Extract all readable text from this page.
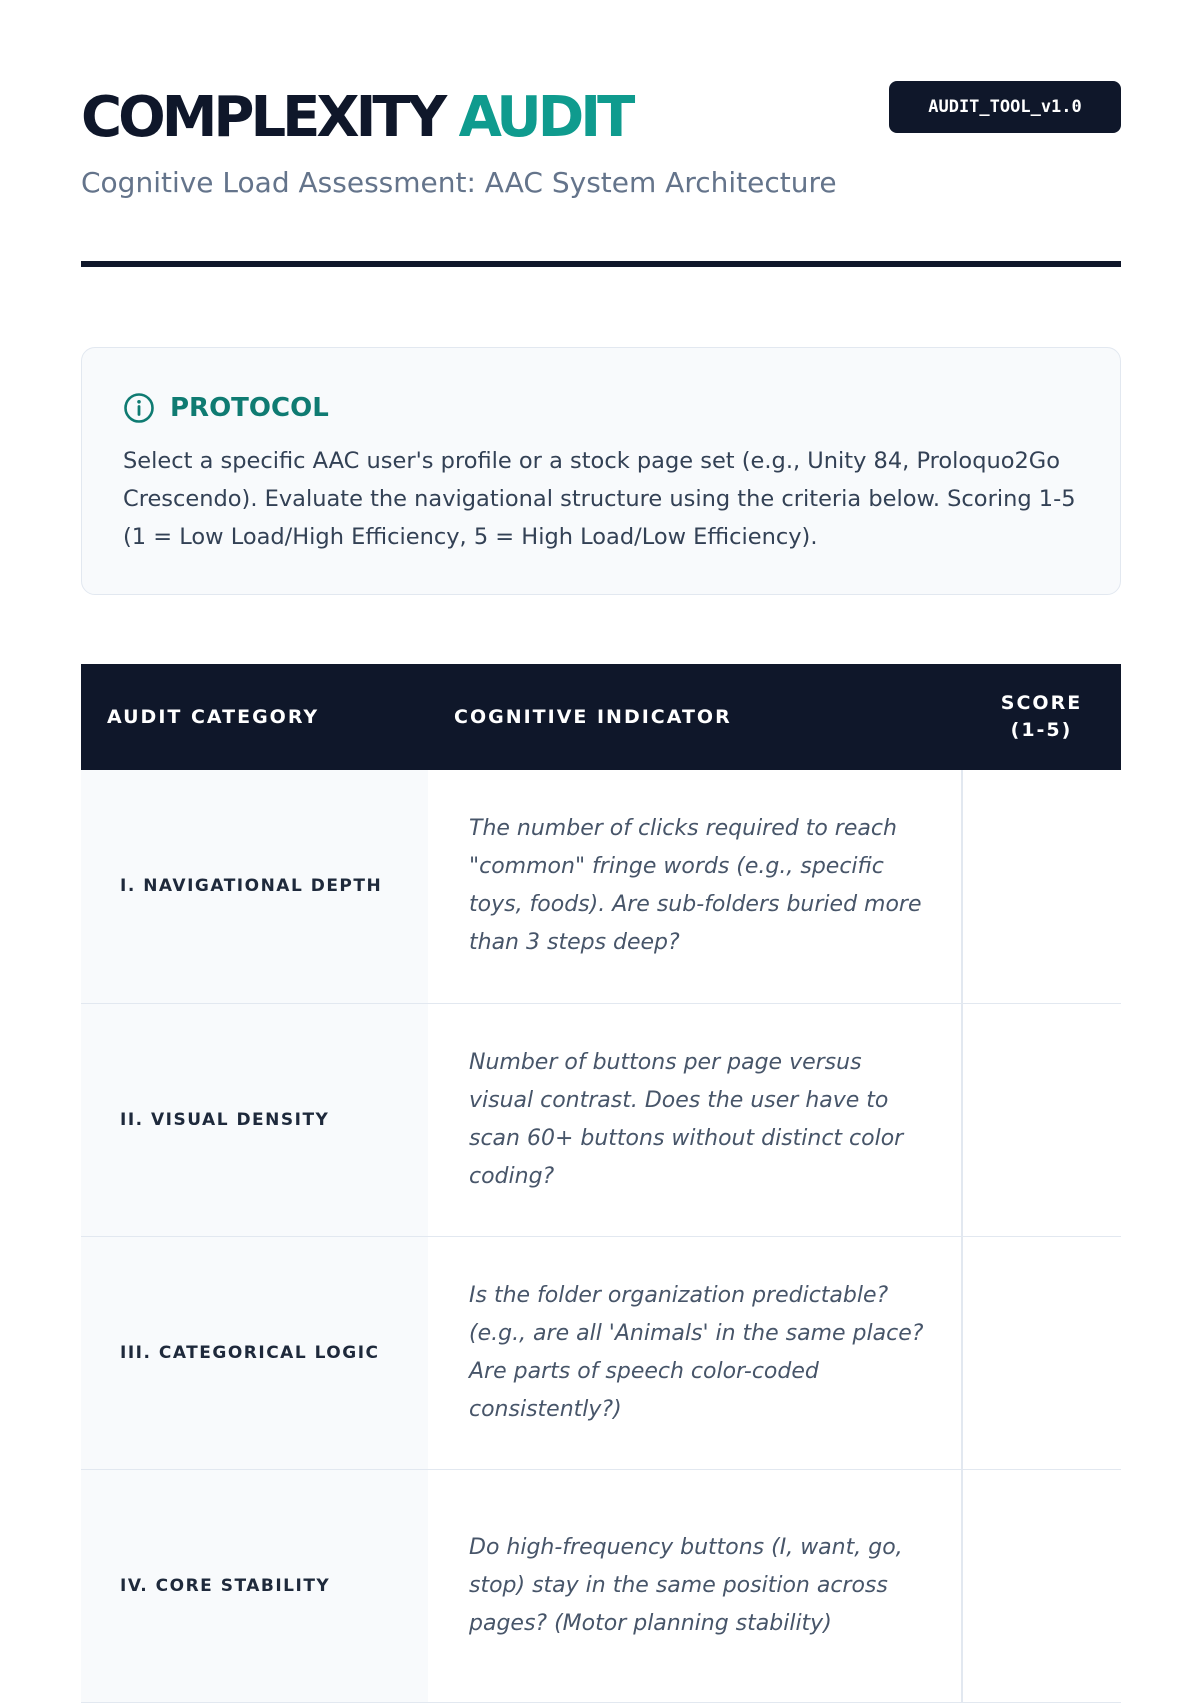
COMPLEXITY AUDIT	AUDIT_TOOL_v1.0

Cognitive Load Assessment: AAC System Architecture

PROTOCOL

Select a specific AAC user's profile or a stock page set (e.g., Unity 84, Proloquo2Go Crescendo). Evaluate the navigational structure using the criteria below. Scoring 1-5 (1 = Low Load/High Efficiency, 5 = High Load/Low Efficiency).

AUDIT CATEGORY	COGNITIVE INDICATOR	SCORE
(1-5)
I. NAVIGATIONAL DEPTH	The number of clicks required to reach "common" fringe words (e.g., specific toys, foods). Are sub-folders buried more than 3 steps deep?	
II. VISUAL DENSITY	Number of buttons per page versus visual contrast. Does the user have to scan 60+ buttons without distinct color coding?	
III. CATEGORICAL LOGIC	Is the folder organization predictable? (e.g., are all 'Animals' in the same place? Are parts of speech color-coded consistently?)	
IV. CORE STABILITY	Do high-frequency buttons (I, want, go, stop) stay in the same position across pages? (Motor planning stability)	
